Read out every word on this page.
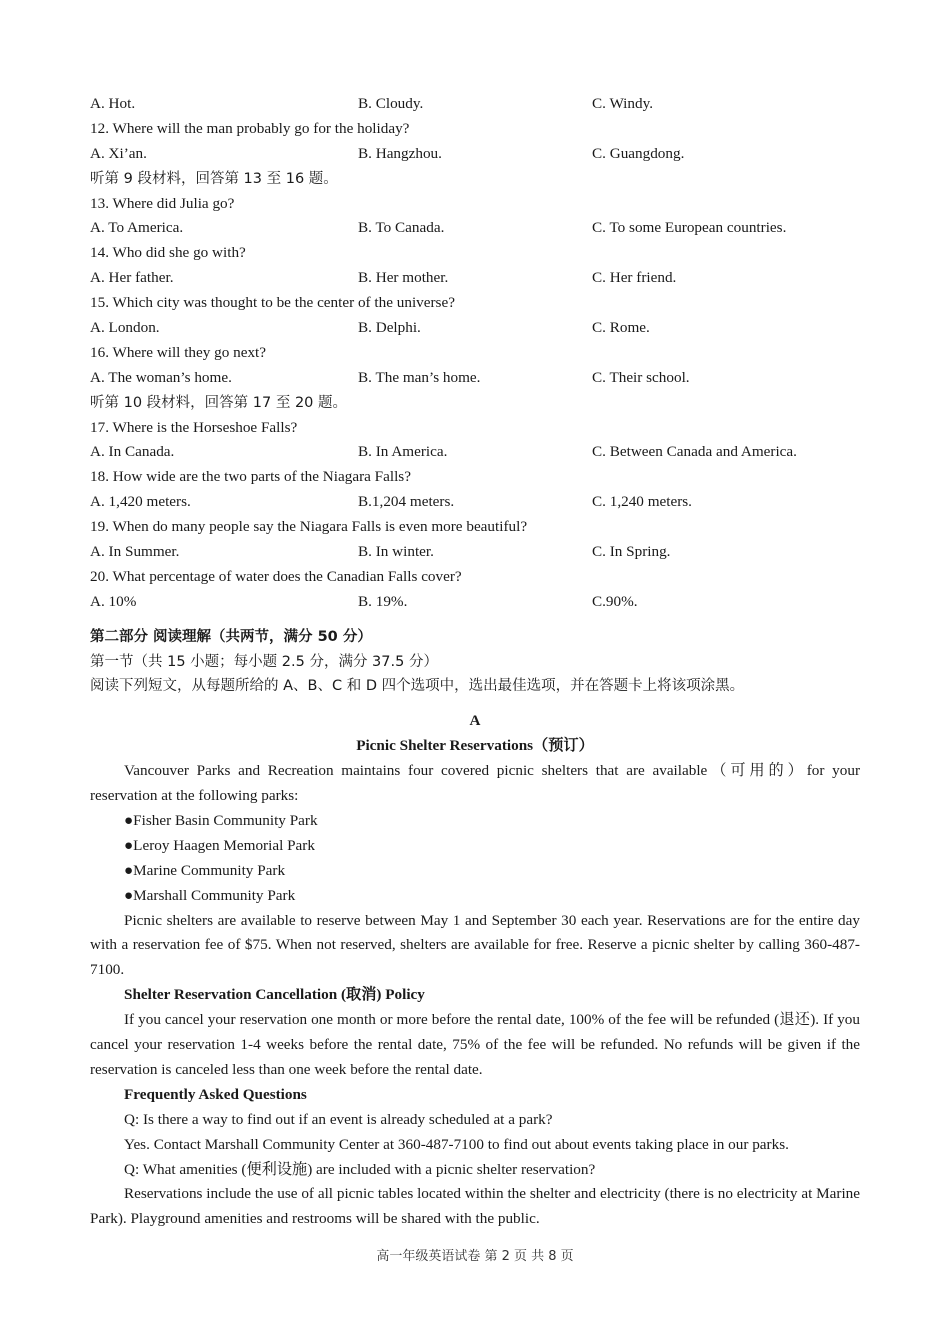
A. Hot.	B. Cloudy.	C. Windy.
12. Where will the man probably go for the holiday?
A. Xi’an.	B. Hangzhou.	C. Guangdong.
听第 9 段材料，回答第 13 至 16 题。
13. Where did Julia go?
A. To America.	B. To Canada.	C. To some European countries.
14. Who did she go with?
A. Her father.	B. Her mother.	C. Her friend.
15. Which city was thought to be the center of the universe?
A. London.	B. Delphi.	C. Rome.
16. Where will they go next?
A. The woman’s home.	B. The man’s home.	C. Their school.
听第 10 段材料，回答第 17 至 20 题。
17. Where is the Horseshoe Falls?
A. In Canada.	B. In America.	C. Between Canada and America.
18. How wide are the two parts of the Niagara Falls?
A. 1,420 meters.	B.1,204 meters.	C. 1,240 meters.
19. When do many people say the Niagara Falls is even more beautiful?
A. In Summer.	B. In winter.	C. In Spring.
20. What percentage of water does the Canadian Falls cover?
A. 10%	B. 19%.	C.90%.
第二部分 阅读理解（共两节，满分 50 分）
第一节（共 15 小题；每小题 2.5 分，满分 37.5 分）
阅读下列短文，从每题所给的 A、B、C 和 D 四个选项中，选出最佳选项，并在答题卡上将该项涂黑。
A
Picnic Shelter Reservations（预订）
Vancouver Parks and Recreation maintains four covered picnic shelters that are available（可用的）for your reservation at the following parks:
●Fisher Basin Community Park
●Leroy Haagen Memorial Park
●Marine Community Park
●Marshall Community Park
Picnic shelters are available to reserve between May 1 and September 30 each year. Reservations are for the entire day with a reservation fee of $75. When not reserved, shelters are available for free. Reserve a picnic shelter by calling 360-487-7100.
Shelter Reservation Cancellation (取消) Policy
If you cancel your reservation one month or more before the rental date, 100% of the fee will be refunded (退还). If you cancel your reservation 1-4 weeks before the rental date, 75% of the fee will be refunded. No refunds will be given if the reservation is canceled less than one week before the rental date.
Frequently Asked Questions
Q: Is there a way to find out if an event is already scheduled at a park?
Yes. Contact Marshall Community Center at 360-487-7100 to find out about events taking place in our parks.
Q: What amenities (便利设施) are included with a picnic shelter reservation?
Reservations include the use of all picnic tables located within the shelter and electricity (there is no electricity at Marine Park). Playground amenities and restrooms will be shared with the public.
高一年级英语试卷 第 2 页 共 8 页
